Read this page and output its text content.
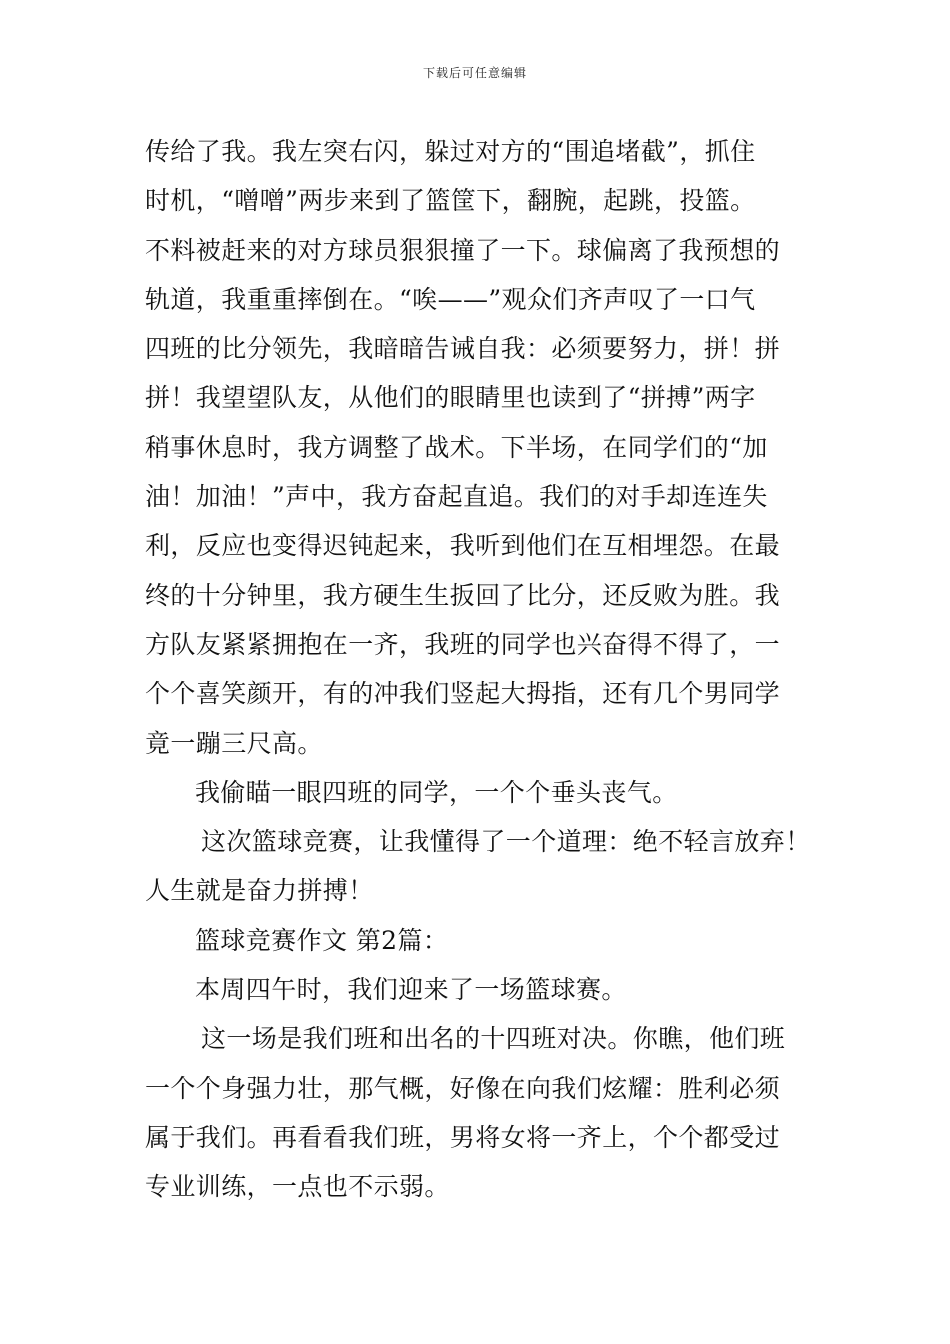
下载后可任意编辑
传给了我。我左突右闪，躲过对方的“围追堵截”，抓住
时机，“噌噌”两步来到了篮筐下，翻腕，起跳，投篮。
不料被赶来的对方球员狠狠撞了一下。球偏离了我预想的
轨道，我重重摔倒在。“唉——”观众们齐声叹了一口气
四班的比分领先，我暗暗告诫自我：必须要努力，拼！拼
拼！我望望队友，从他们的眼睛里也读到了“拼搏”两字
稍事休息时，我方调整了战术。下半场，在同学们的“加
油！加油！”声中，我方奋起直追。我们的对手却连连失
利，反应也变得迟钝起来，我听到他们在互相埋怨。在最
终的十分钟里，我方硬生生扳回了比分，还反败为胜。我
方队友紧紧拥抱在一齐，我班的同学也兴奋得不得了，一
个个喜笑颜开，有的冲我们竖起大拇指，还有几个男同学
竟一蹦三尺高。
我偷瞄一眼四班的同学，一个个垂头丧气。
这次篮球竞赛，让我懂得了一个道理：绝不轻言放弃！
人生就是奋力拼搏！
篮球竞赛作文 第2篇：
本周四午时，我们迎来了一场篮球赛。
这一场是我们班和出名的十四班对决。你瞧，他们班
一个个身强力壮，那气概，好像在向我们炫耀：胜利必须
属于我们。再看看我们班，男将女将一齐上，个个都受过
专业训练，一点也不示弱。
